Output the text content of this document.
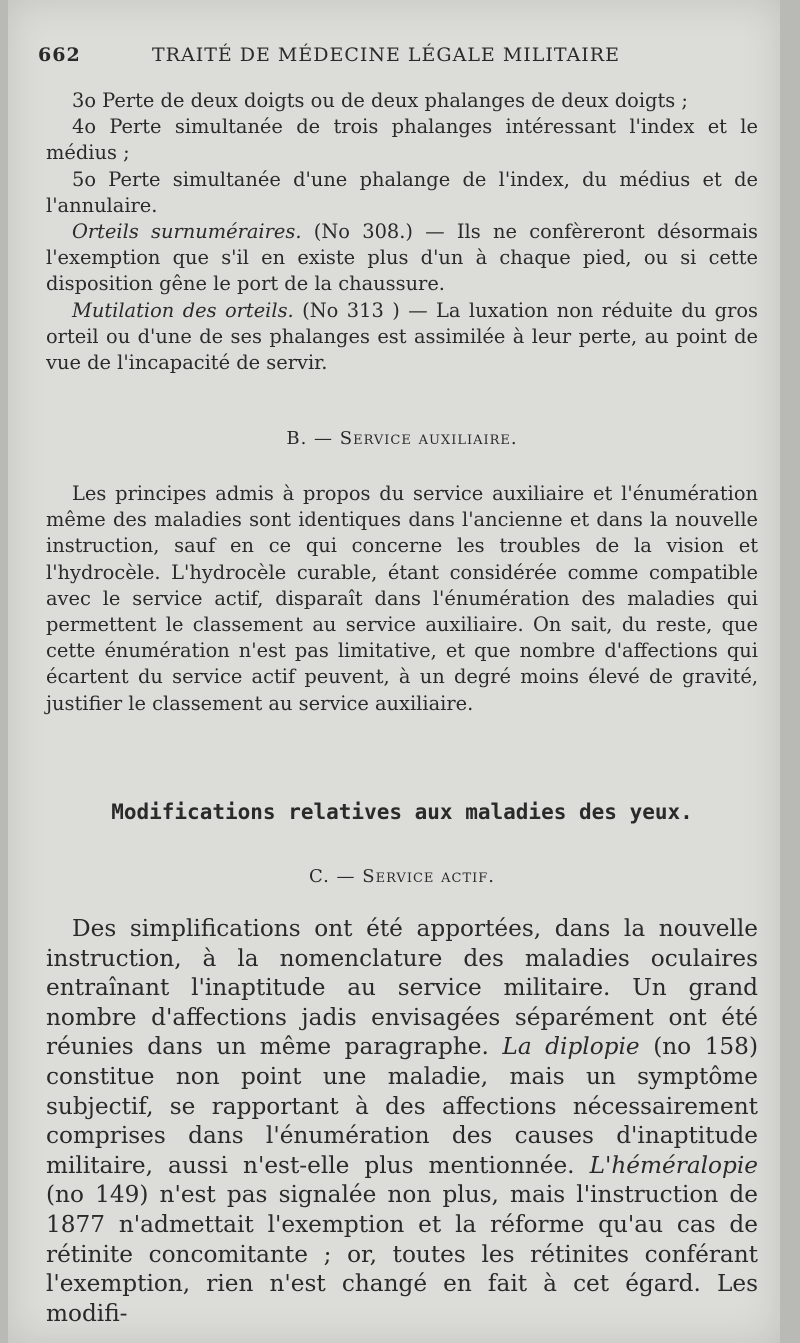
662	TRAITÉ DE MÉDECINE LÉGALE MILITAIRE

3o Perte de deux doigts ou de deux phalanges de deux doigts ;

4o Perte simultanée de trois phalanges intéressant l'index et le médius ;

5o Perte simultanée d'une phalange de l'index, du médius et de l'annulaire.

Orteils surnuméraires. (No 308.) — Ils ne confèreront désormais l'exemption que s'il en existe plus d'un à chaque pied, ou si cette disposition gêne le port de la chaussure.

Mutilation des orteils. (No 313 ) — La luxation non réduite du gros orteil ou d'une de ses phalanges est assimilée à leur perte, au point de vue de l'incapacité de servir.

B. — Service auxiliaire.

Les principes admis à propos du service auxiliaire et l'énumération même des maladies sont identiques dans l'ancienne et dans la nouvelle instruction, sauf en ce qui concerne les troubles de la vision et l'hydrocèle. L'hydrocèle curable, étant considérée comme compatible avec le service actif, disparaît dans l'énumération des maladies qui permettent le classement au service auxiliaire. On sait, du reste, que cette énumération n'est pas limitative, et que nombre d'affections qui écartent du service actif peuvent, à un degré moins élevé de gravité, justifier le classement au service auxiliaire.

Modifications relatives aux maladies des yeux.
C. — Service actif.

Des simplifications ont été apportées, dans la nouvelle instruction, à la nomenclature des maladies oculaires entraînant l'inaptitude au service militaire. Un grand nombre d'affections jadis envisagées séparément ont été réunies dans un même paragraphe. La diplopie (no 158) constitue non point une maladie, mais un symptôme subjectif, se rapportant à des affections nécessairement comprises dans l'énumération des causes d'inaptitude militaire, aussi n'est-elle plus mentionnée. L'héméralopie (no 149) n'est pas signalée non plus, mais l'instruction de 1877 n'admettait l'exemption et la réforme qu'au cas de rétinite concomitante ; or, toutes les rétinites conférant l'exemption, rien n'est changé en fait à cet égard. Les modifi-
